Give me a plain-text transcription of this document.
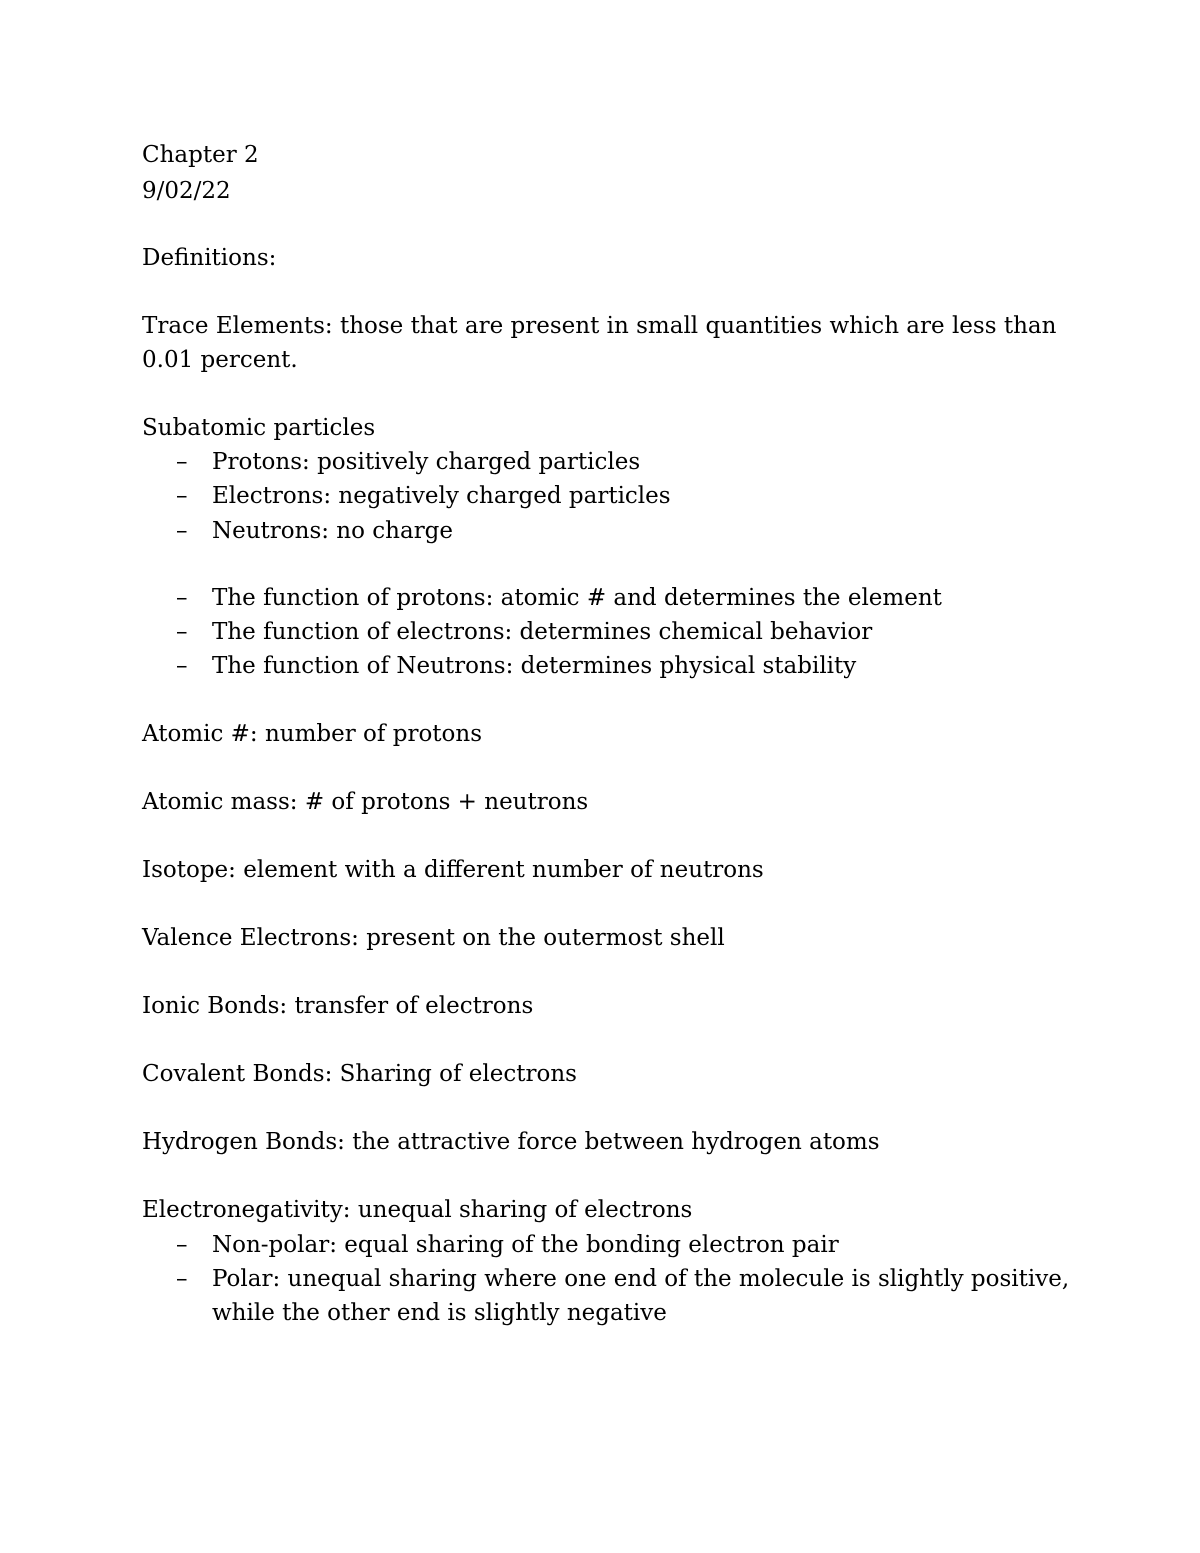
Chapter 2
9/02/22
Definitions:
Trace Elements: those that are present in small quantities which are less than
0.01 percent.
Subatomic particles
– Protons: positively charged particles
– Electrons: negatively charged particles
– Neutrons: no charge
– The function of protons: atomic # and determines the element
– The function of electrons: determines chemical behavior
– The function of Neutrons: determines physical stability
Atomic #: number of protons
Atomic mass: # of protons + neutrons
Isotope: element with a different number of neutrons
Valence Electrons: present on the outermost shell
Ionic Bonds: transfer of electrons
Covalent Bonds: Sharing of electrons
Hydrogen Bonds: the attractive force between hydrogen atoms
Electronegativity: unequal sharing of electrons
– Non-polar: equal sharing of the bonding electron pair
– Polar: unequal sharing where one end of the molecule is slightly positive,
while the other end is slightly negative
